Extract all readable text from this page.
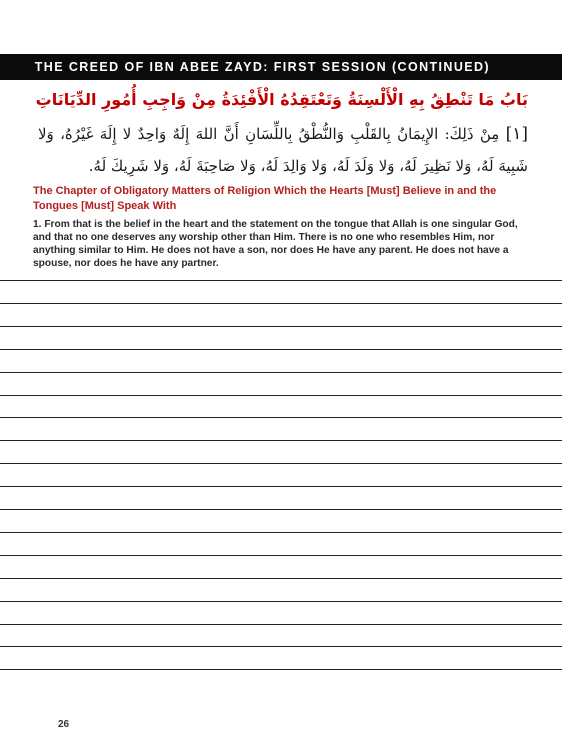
THE CREED OF IBN ABEE ZAYD: FIRST SESSION (CONTINUED)
بَابُ مَا تَنْطِقُ بِهِ الْأَلْسِنَةُ وَتَعْتَقِدُهُ الْأَفْئِدَةُ مِنْ وَاجِبِ أُمُورِ الدِّيَانَاتِ
[١] مِنْ ذَلِكَ: الإِيمَانُ بِالقَلْبِ وَالنُّطْقُ بِاللِّسَانِ أَنَّ اللهَ إِلَهٌ وَاحِدٌ لا إِلَهَ غَيْرُهُ، وَلا شَبِيهَ لَهُ، وَلا نَظِيرَ لَهُ، وَلا وَلَدَ لَهُ، وَلا وَالِدَ لَهُ، وَلا صَاحِبَةَ لَهُ، وَلا شَرِيكَ لَهُ.
The Chapter of Obligatory Matters of Religion Which the Hearts [Must] Believe in and the Tongues [Must] Speak With
1. From that is the belief in the heart and the statement on the tongue that Allah is one singular God, and that no one deserves any worship other than Him. There is no one who resembles Him, nor anything similar to Him. He does not have a son, nor does He have any parent. He does not have a spouse, nor does he have any partner.
26
